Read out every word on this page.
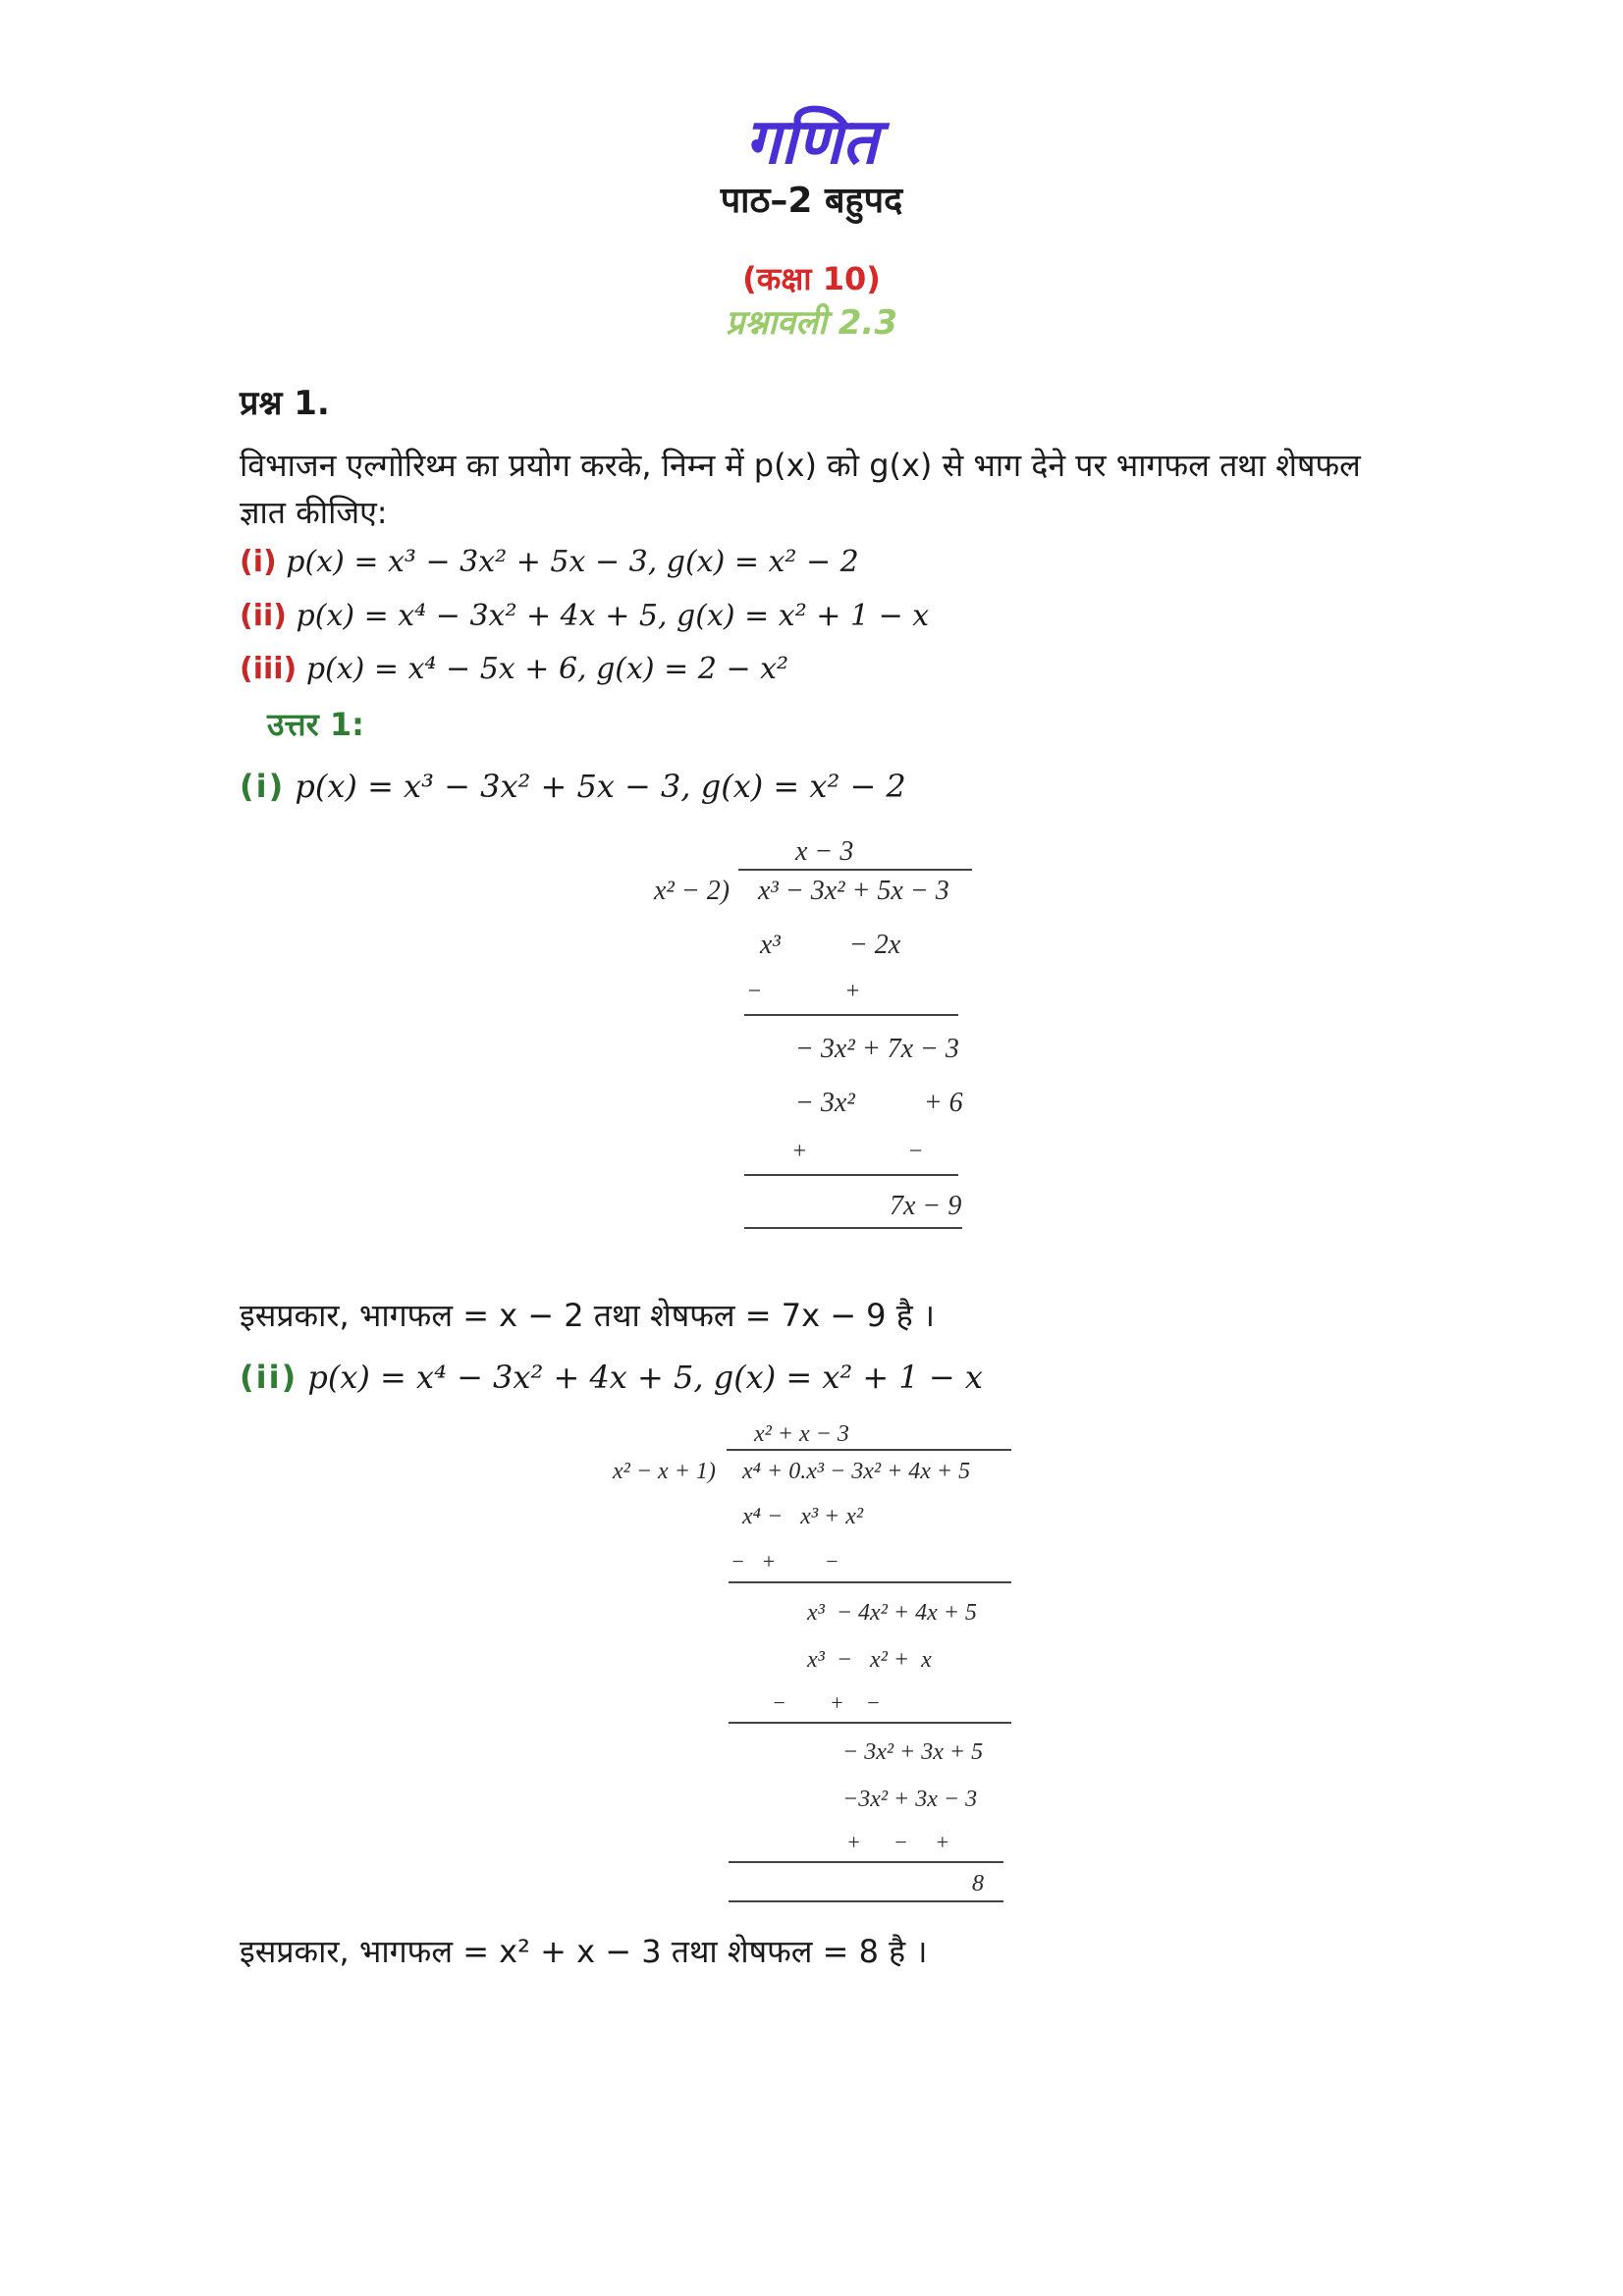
गणित
पाठ–2 बहुपद
(कक्षा 10)
प्रश्नावली 2.3
प्रश्न 1.
विभाजन एल्गोरिथ्म का प्रयोग करके, निम्न में p(x) को g(x) से भाग देने पर भागफल तथा शेषफल
ज्ञात कीजिए:
(i) p(x) = x³ − 3x² + 5x − 3, g(x) = x² − 2
(ii) p(x) = x⁴ − 3x² + 4x + 5, g(x) = x² + 1 − x
(iii) p(x) = x⁴ − 5x + 6, g(x) = 2 − x²
उत्तर 1:
(i) p(x) = x³ − 3x² + 5x − 3, g(x) = x² − 2
x − 3
x² − 2) x³ − 3x² + 5x − 3
x³          − 2x
−              +
− 3x² + 7x − 3
− 3x²          + 6
+                 −
7x − 9
इसप्रकार, भागफल = x − 2 तथा शेषफल = 7x − 9 है ।
(ii) p(x) = x⁴ − 3x² + 4x + 5, g(x) = x² + 1 − x
x² + x − 3
x² − x + 1) x⁴ + 0.x³ − 3x² + 4x + 5
x⁴ −   x³ + x²
−   +         −
x³  − 4x² + 4x + 5
x³  −   x² +  x
−        +    −
− 3x² + 3x + 5
−3x² + 3x − 3
+      −     +
8
इसप्रकार, भागफल = x² + x − 3 तथा शेषफल = 8 है ।
